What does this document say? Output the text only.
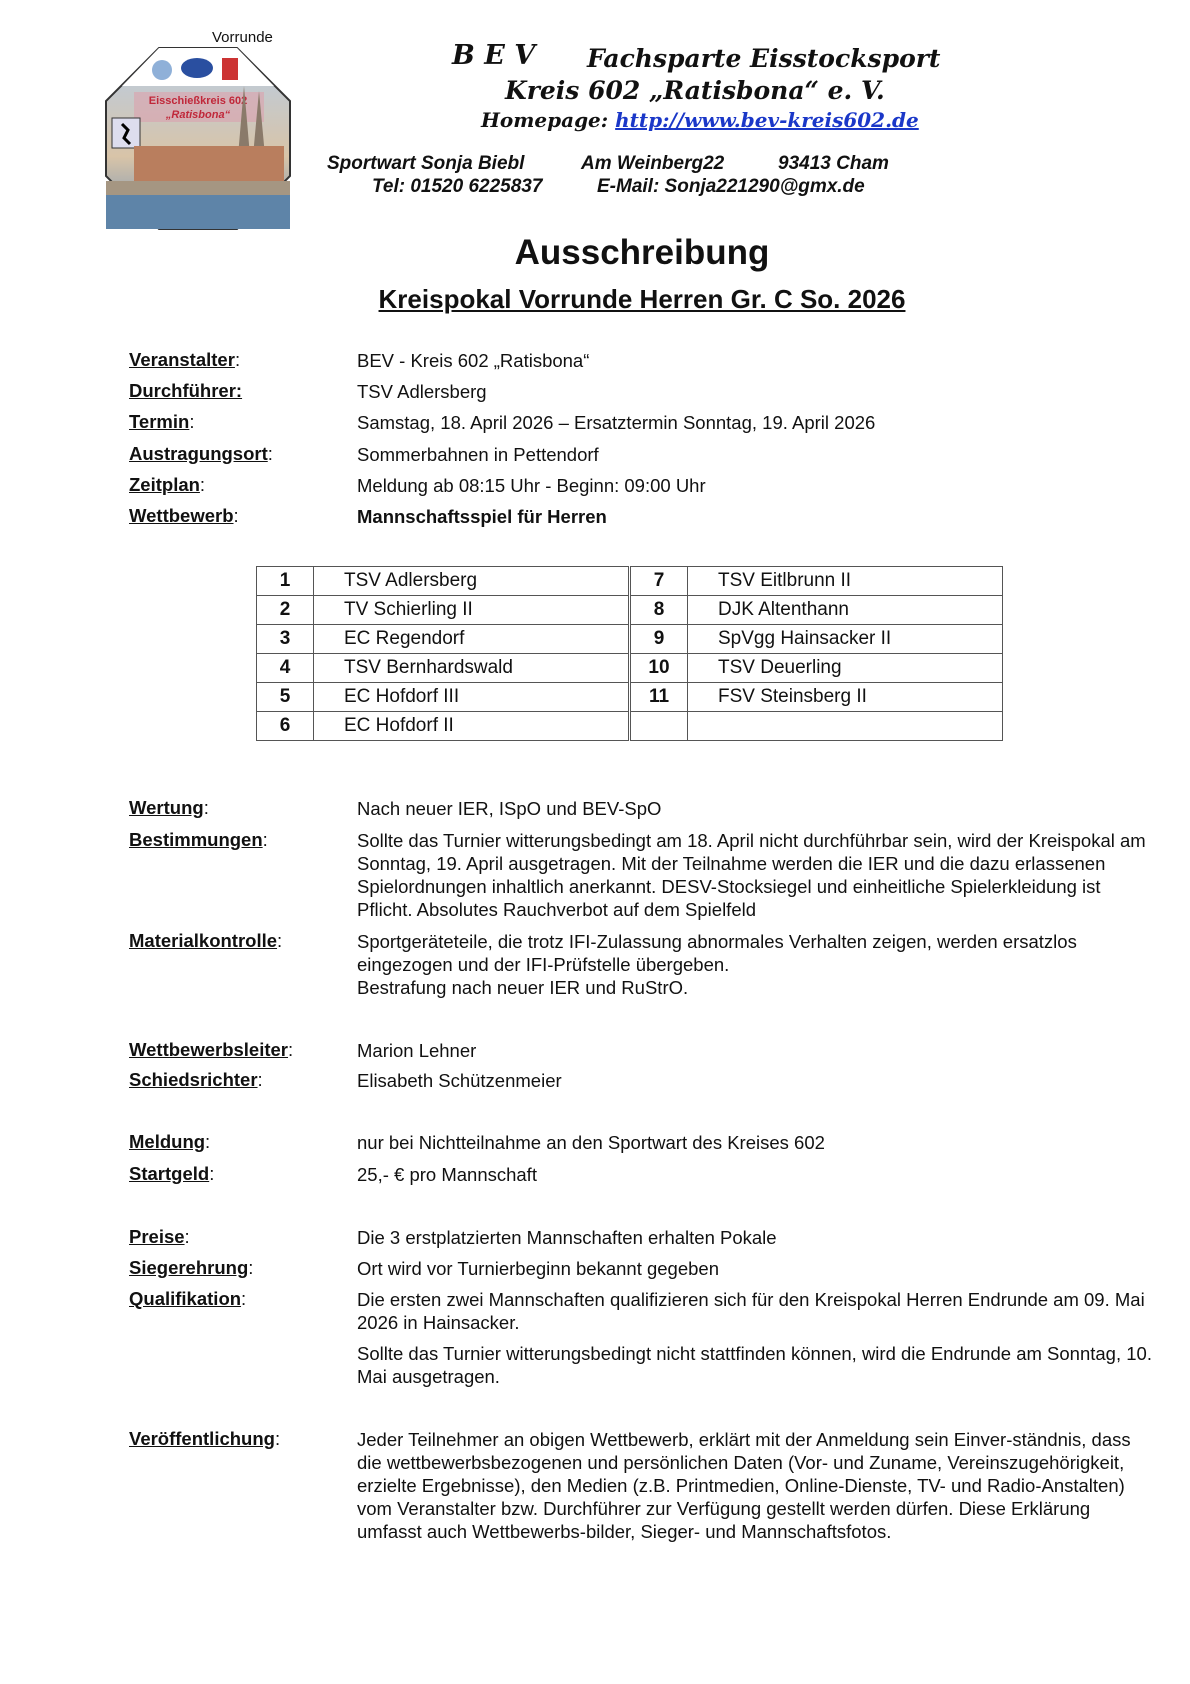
Vorrunde
Eisschießkreis 602
„Ratisbona“
B E V Fachsparte Eisstocksport
Kreis 602 „Ratisbona“ e. V.
Homepage: http://www.bev-kreis602.de
Sportwart Sonja Biebl	Am Weinberg22	93413 Cham
Tel: 01520 6225837	E-Mail: Sonja221290@gmx.de
Ausschreibung
Kreispokal Vorrunde Herren Gr. C So. 2026
Veranstalter:	BEV - Kreis 602 „Ratisbona“
Durchführer:	TSV Adlersberg
Termin:	Samstag, 18. April 2026 – Ersatztermin Sonntag, 19. April 2026
Austragungsort:	Sommerbahnen in Pettendorf
Zeitplan:	Meldung ab 08:15 Uhr - Beginn: 09:00 Uhr
Wettbewerb:	Mannschaftsspiel für Herren
1	TSV Adlersberg	7	TSV Eitlbrunn II
2	TV Schierling II	8	DJK Altenthann
3	EC Regendorf	9	SpVgg Hainsacker II
4	TSV Bernhardswald	10	TSV Deuerling
5	EC Hofdorf III	11	FSV Steinsberg II
6	EC Hofdorf II		
Wertung:	Nach neuer IER, ISpO und BEV-SpO
Bestimmungen:	Sollte das Turnier witterungsbedingt am 18. April nicht durchführbar sein, wird der Kreispokal am Sonntag, 19. April ausgetragen. Mit der Teilnahme werden die IER und die dazu erlassenen Spielordnungen inhaltlich anerkannt. DESV-Stocksiegel und einheitliche Spielerkleidung ist Pflicht. Absolutes Rauchverbot auf dem Spielfeld
Materialkontrolle:	Sportgeräteteile, die trotz IFI-Zulassung abnormales Verhalten zeigen, werden ersatzlos eingezogen und der IFI-Prüfstelle übergeben.
Bestrafung nach neuer IER und RuStrO.
Wettbewerbsleiter:	Marion Lehner
Schiedsrichter:	Elisabeth Schützenmeier
Meldung:	nur bei Nichtteilnahme an den Sportwart des Kreises 602
Startgeld:	25,- € pro Mannschaft
Preise:	Die 3 erstplatzierten Mannschaften erhalten Pokale
Siegerehrung:	Ort wird vor Turnierbeginn bekannt gegeben
Qualifikation:	Die ersten zwei Mannschaften qualifizieren sich für den Kreispokal Herren Endrunde am 09. Mai 2026 in Hainsacker.
Sollte das Turnier witterungsbedingt nicht stattfinden können, wird die Endrunde am Sonntag, 10. Mai ausgetragen.
Veröffentlichung:	Jeder Teilnehmer an obigen Wettbewerb, erklärt mit der Anmeldung sein Einver-ständnis, dass die wettbewerbsbezogenen und persönlichen Daten (Vor- und Zuname, Vereinszugehörigkeit, erzielte Ergebnisse), den Medien (z.B. Printmedien, Online-Dienste, TV- und Radio-Anstalten) vom Veranstalter bzw. Durchführer zur Verfügung gestellt werden dürfen. Diese Erklärung umfasst auch Wettbewerbs-bilder, Sieger- und Mannschaftsfotos.
